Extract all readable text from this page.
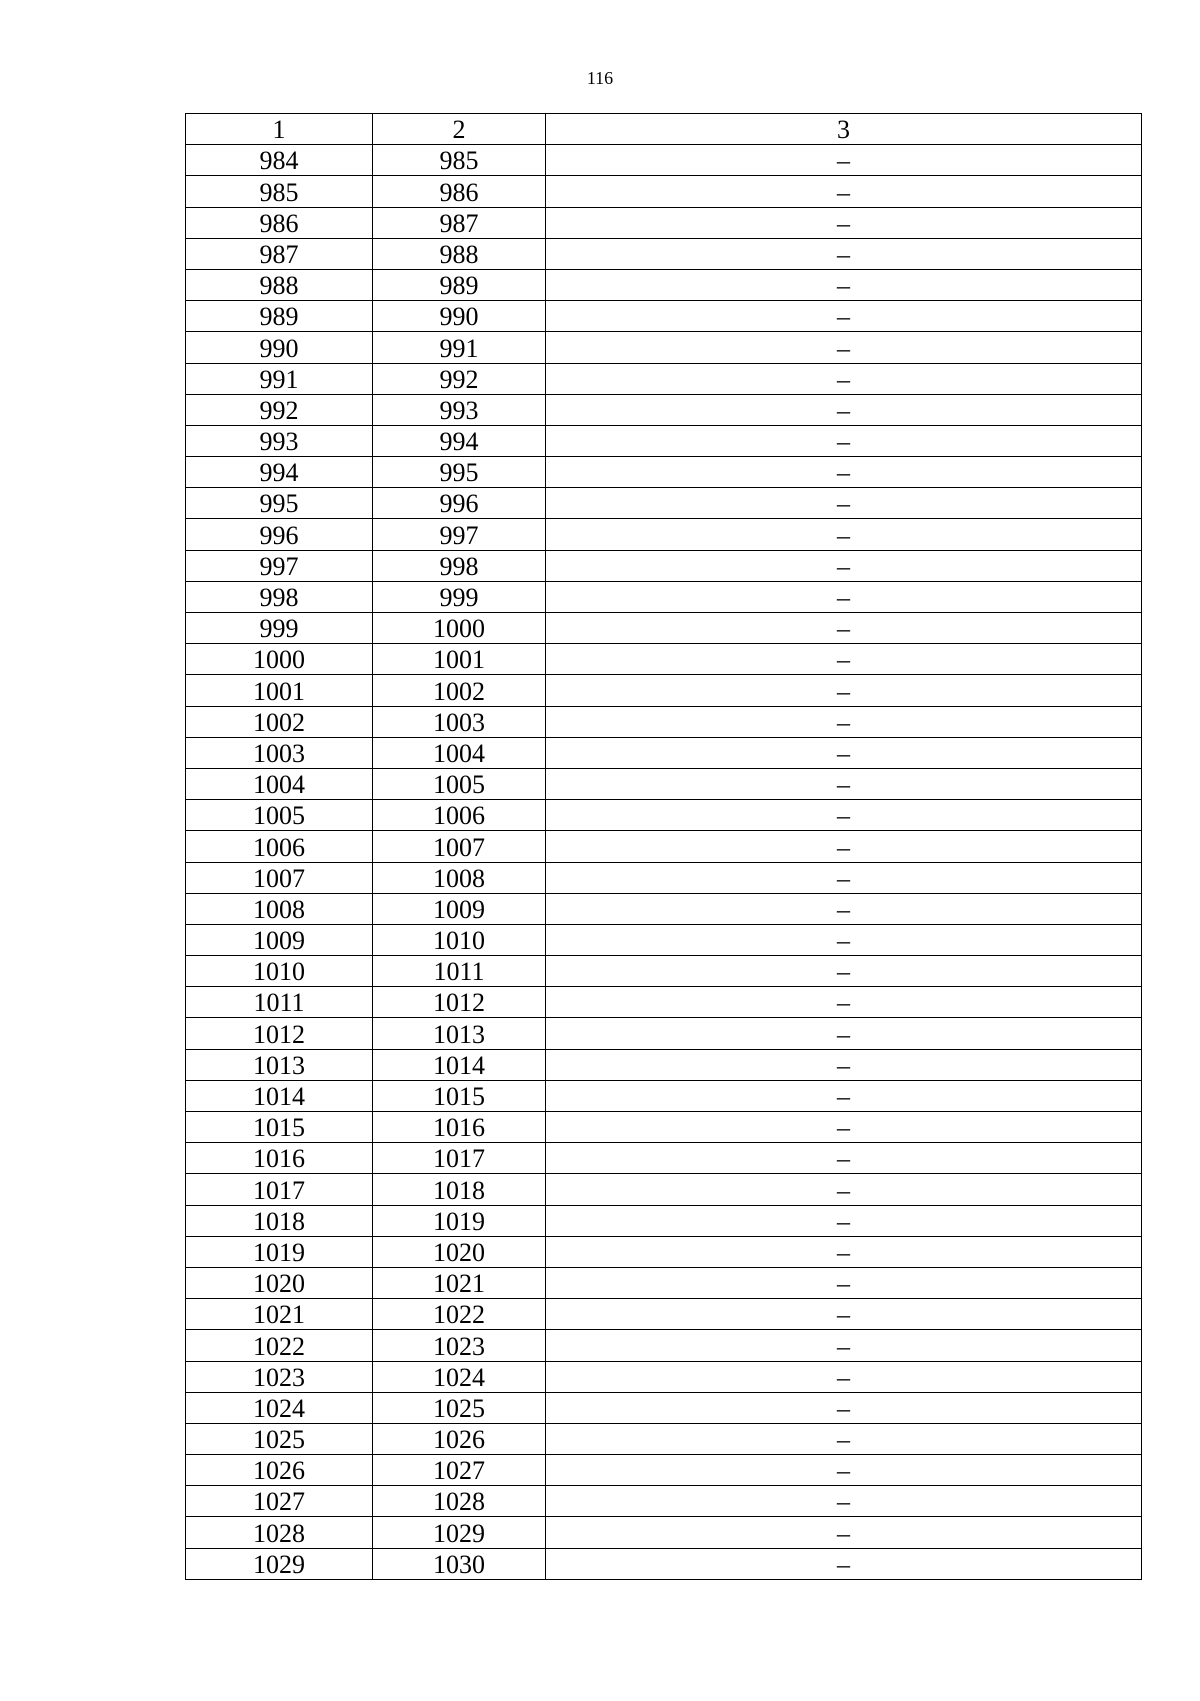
116
1	2	3
984	985	–
985	986	–
986	987	–
987	988	–
988	989	–
989	990	–
990	991	–
991	992	–
992	993	–
993	994	–
994	995	–
995	996	–
996	997	–
997	998	–
998	999	–
999	1000	–
1000	1001	–
1001	1002	–
1002	1003	–
1003	1004	–
1004	1005	–
1005	1006	–
1006	1007	–
1007	1008	–
1008	1009	–
1009	1010	–
1010	1011	–
1011	1012	–
1012	1013	–
1013	1014	–
1014	1015	–
1015	1016	–
1016	1017	–
1017	1018	–
1018	1019	–
1019	1020	–
1020	1021	–
1021	1022	–
1022	1023	–
1023	1024	–
1024	1025	–
1025	1026	–
1026	1027	–
1027	1028	–
1028	1029	–
1029	1030	–
